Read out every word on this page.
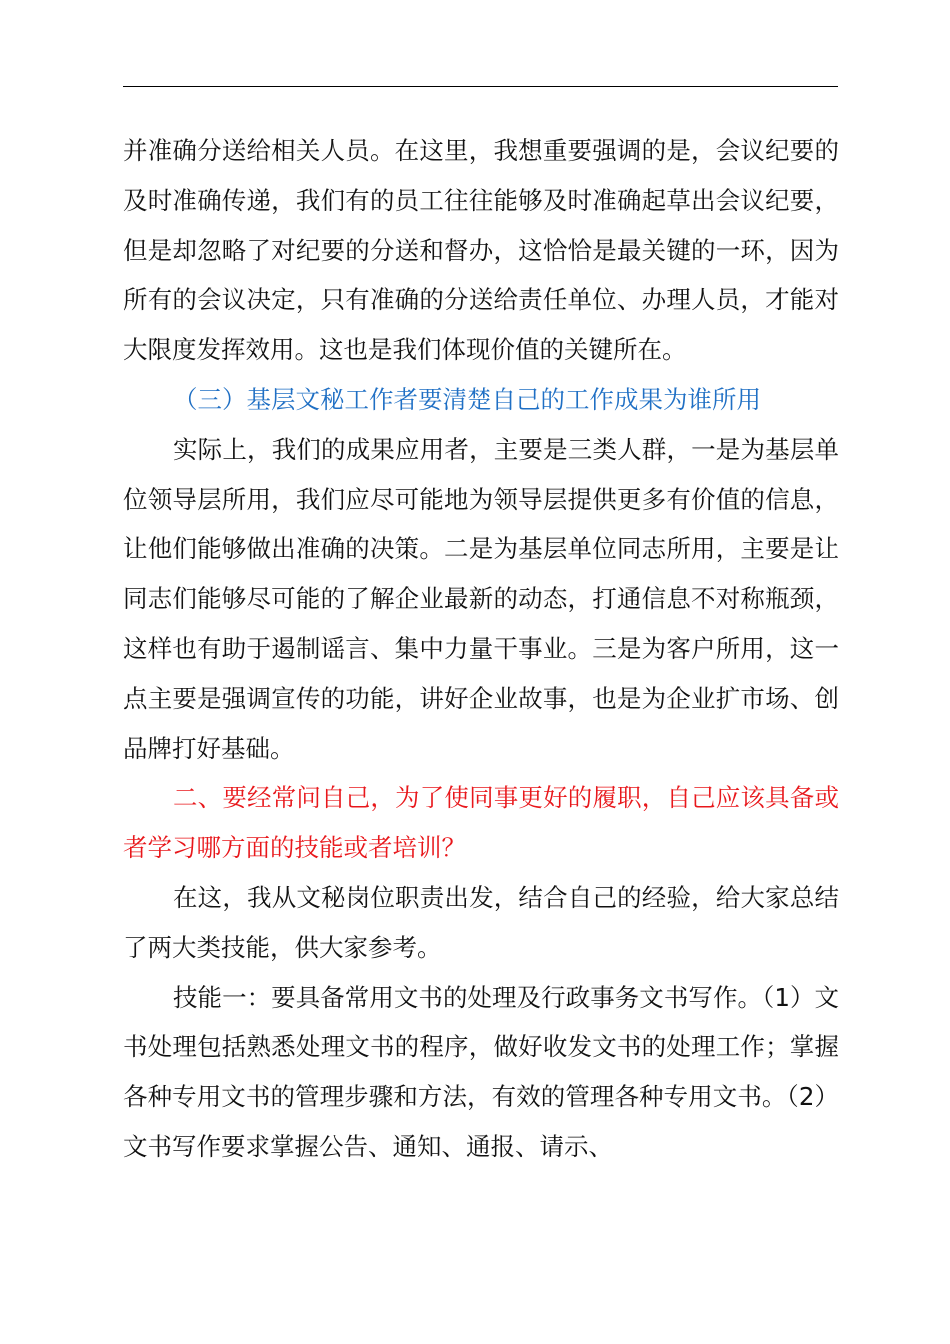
并准确分送给相关人员。在这里，我想重要强调的是，会议纪要的及时准确传递，我们有的员工往往能够及时准确起草出会议纪要，但是却忽略了对纪要的分送和督办，这恰恰是最关键的一环，因为所有的会议决定，只有准确的分送给责任单位、办理人员，才能对大限度发挥效用。这也是我们体现价值的关键所在。

（三）基层文秘工作者要清楚自己的工作成果为谁所用

实际上，我们的成果应用者，主要是三类人群，一是为基层单位领导层所用，我们应尽可能地为领导层提供更多有价值的信息，让他们能够做出准确的决策。二是为基层单位同志所用，主要是让同志们能够尽可能的了解企业最新的动态，打通信息不对称瓶颈，这样也有助于遏制谣言、集中力量干事业。三是为客户所用，这一点主要是强调宣传的功能，讲好企业故事，也是为企业扩市场、创品牌打好基础。

二、要经常问自己，为了使同事更好的履职，自己应该具备或者学习哪方面的技能或者培训？

在这，我从文秘岗位职责出发，结合自己的经验，给大家总结了两大类技能，供大家参考。

技能一：要具备常用文书的处理及行政事务文书写作。（1）文书处理包括熟悉处理文书的程序，做好收发文书的处理工作；掌握各种专用文书的管理步骤和方法，有效的管理各种专用文书。（2）文书写作要求掌握公告、通知、通报、请示、
